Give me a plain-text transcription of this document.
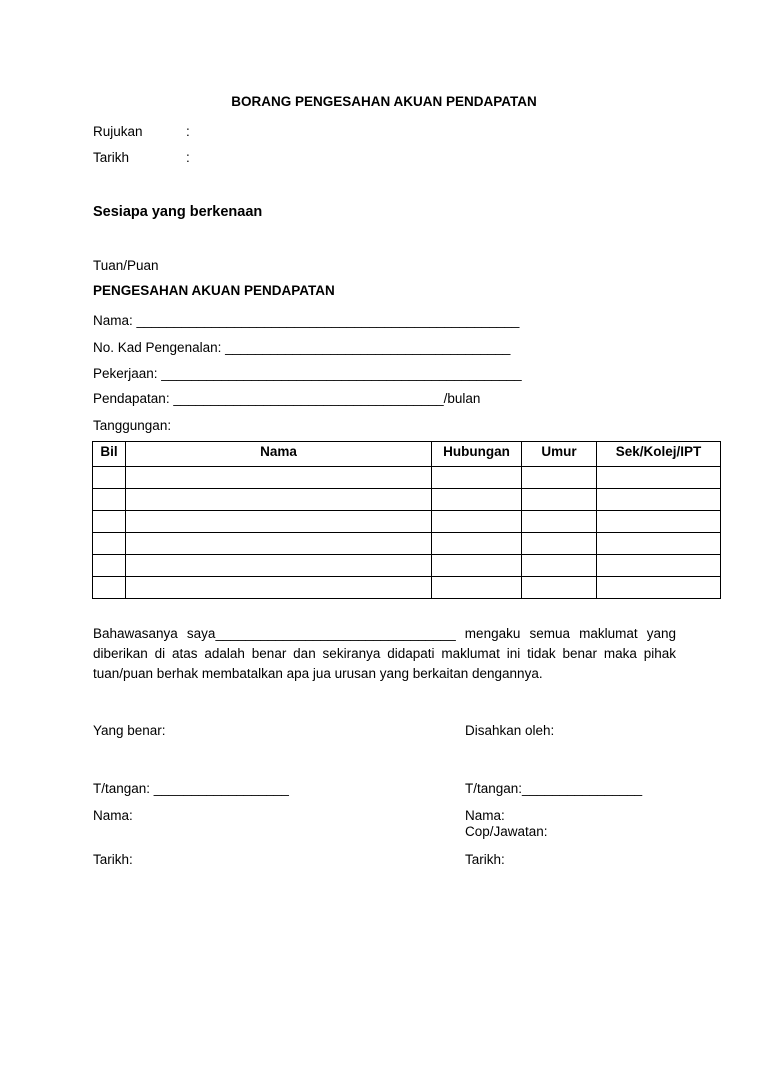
BORANG PENGESAHAN AKUAN PENDAPATAN
Rujukan	:
Tarikh	:
Sesiapa yang berkenaan
Tuan/Puan
PENGESAHAN AKUAN PENDAPATAN
Nama: ___________________________________________________
No. Kad Pengenalan: ______________________________________
Pekerjaan: ________________________________________________
Pendapatan: ____________________________________/bulan
Tanggungan:
Bil	Nama	Hubungan	Umur	Sek/Kolej/IPT

Bahawasanya saya________________________________ mengaku semua maklumat yang diberikan di atas adalah benar dan sekiranya didapati maklumat ini tidak benar maka pihak tuan/puan berhak membatalkan apa jua urusan yang berkaitan dengannya.
Yang benar:	Disahkan oleh:
T/tangan: __________________	T/tangan:________________
Nama:	Nama:
Cop/Jawatan:
Tarikh:	Tarikh:
